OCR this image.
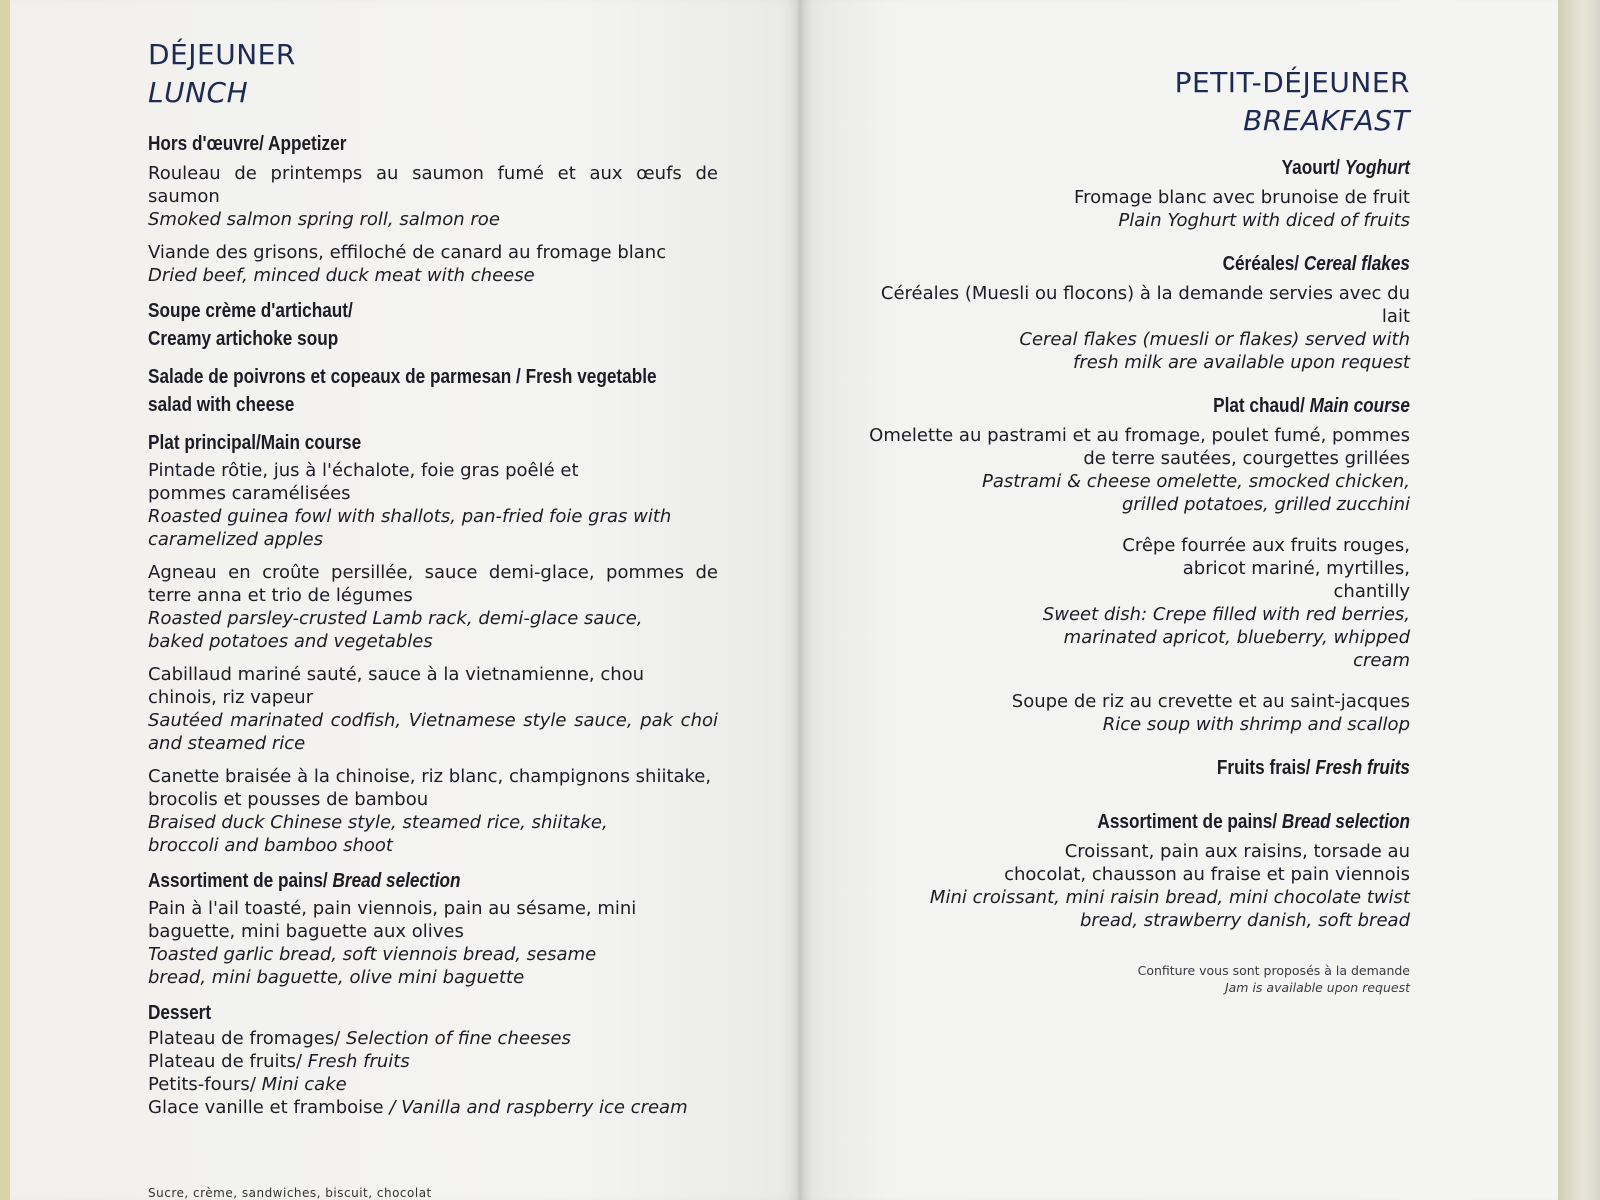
DÉJEUNER
LUNCH
Hors d'œuvre/ Appetizer
Rouleau de printemps au saumon fumé et aux œufs de saumon
Smoked salmon spring roll, salmon roe
Viande des grisons, effiloché de canard au fromage blanc
Dried beef, minced duck meat with cheese
Soupe crème d'artichaut/
Creamy artichoke soup
Salade de poivrons et copeaux de parmesan / Fresh vegetable
salad with cheese
Plat principal/Main course
Pintade rôtie, jus à l'échalote, foie gras poêlé et pommes caramélisées
Roasted guinea fowl with shallots, pan-fried foie gras with caramelized apples
Agneau en croûte persillée, sauce demi-glace, pommes de terre anna et trio de légumes
Roasted parsley-crusted Lamb rack, demi-glace sauce, baked potatoes and vegetables
Cabillaud mariné sauté, sauce à la vietnamienne, chou chinois, riz vapeur
Sautéed marinated codfish, Vietnamese style sauce, pak choi and steamed rice
Canette braisée à la chinoise, riz blanc, champignons shiitake, brocolis et pousses de bambou
Braised duck Chinese style, steamed rice, shiitake, broccoli and bamboo shoot
Assortiment de pains/ Bread selection
Pain à l'ail toasté, pain viennois, pain au sésame, mini baguette, mini baguette aux olives
Toasted garlic bread, soft viennois bread, sesame bread, mini baguette, olive mini baguette
Dessert
Plateau de fromages/ Selection of fine cheeses
Plateau de fruits/ Fresh fruits
Petits-fours/ Mini cake
Glace vanille et framboise / Vanilla and raspberry ice cream
Sucre, crème, sandwiches, biscuit, chocolat
PETIT-DÉJEUNER
BREAKFAST
Yaourt/ Yoghurt
Fromage blanc avec brunoise de fruit
Plain Yoghurt with diced of fruits
Céréales/ Cereal flakes
Céréales (Muesli ou flocons) à la demande servies avec du lait
Cereal flakes (muesli or flakes) served with fresh milk are available upon request
Plat chaud/ Main course
Omelette au pastrami et au fromage, poulet fumé, pommes de terre sautées, courgettes grillées
Pastrami & cheese omelette, smocked chicken, grilled potatoes, grilled zucchini
Crêpe fourrée aux fruits rouges, abricot mariné, myrtilles, chantilly
Sweet dish: Crepe filled with red berries, marinated apricot, blueberry, whipped cream
Soupe de riz au crevette et au saint-jacques
Rice soup with shrimp and scallop
Fruits frais/ Fresh fruits
Assortiment de pains/ Bread selection
Croissant, pain aux raisins, torsade au chocolat, chausson au fraise et pain viennois
Mini croissant, mini raisin bread, mini chocolate twist bread, strawberry danish, soft bread
Confiture vous sont proposés à la demande
Jam is available upon request
